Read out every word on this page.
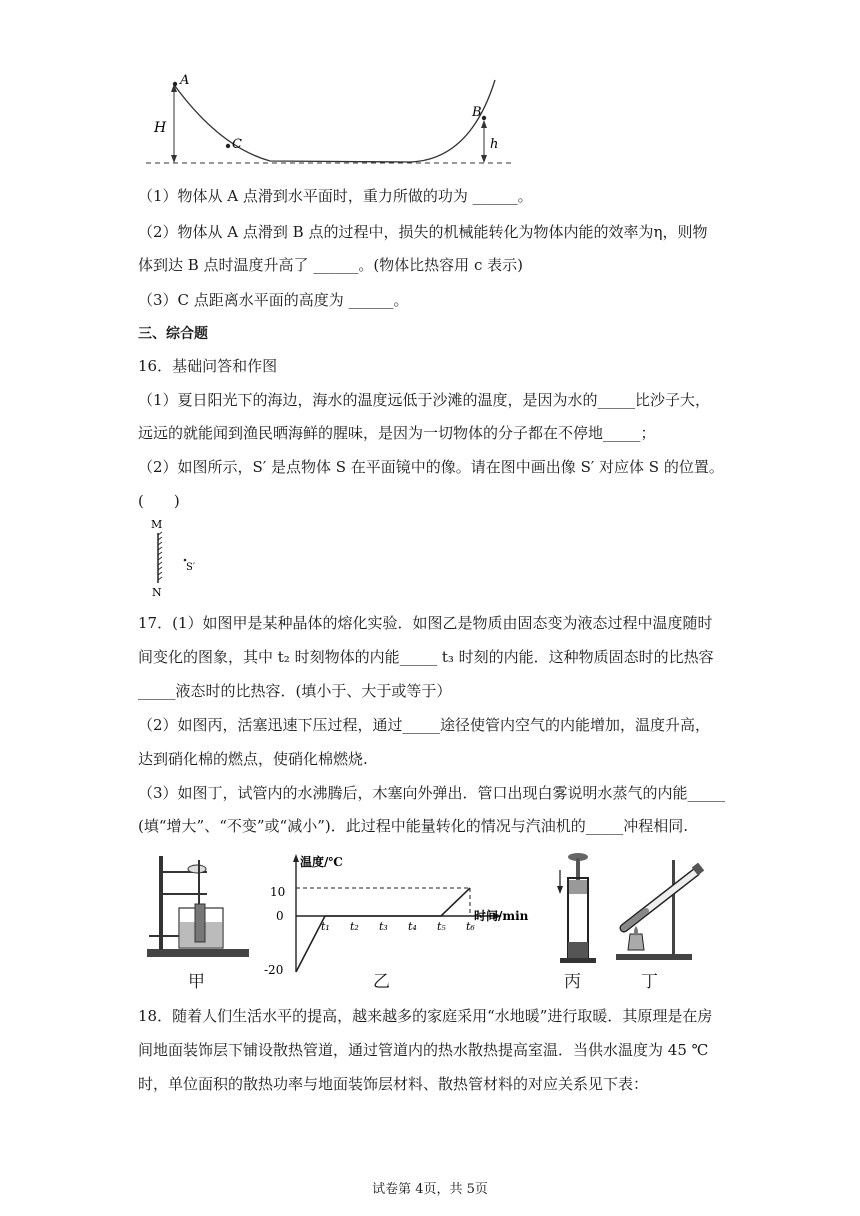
A
H
C
B
h
（1）物体从 A 点滑到水平面时，重力所做的功为 ______。
（2）物体从 A 点滑到 B 点的过程中，损失的机械能转化为物体内能的效率为η，则物
体到达 B 点时温度升高了 ______。(物体比热容用 c 表示)
（3）C 点距离水平面的高度为 ______。
三、综合题
16．基础问答和作图
（1）夏日阳光下的海边，海水的温度远低于沙滩的温度，是因为水的_____比沙子大，
远远的就能闻到渔民晒海鲜的腥味，是因为一切物体的分子都在不停地_____；
（2）如图所示，S′ 是点物体 S 在平面镜中的像。请在图中画出像 S′ 对应体 S 的位置。
(　　)
M
N
S′
17．(1）如图甲是某种晶体的熔化实验．如图乙是物质由固态变为液态过程中温度随时
间变化的图象，其中 t₂ 时刻物体的内能_____ t₃ 时刻的内能．这种物质固态时的比热容
_____液态时的比热容．(填小于、大于或等于）
（2）如图丙，活塞迅速下压过程，通过_____途径使管内空气的内能增加，温度升高，
达到硝化棉的燃点，使硝化棉燃烧.
（3）如图丁，试管内的水沸腾后，木塞向外弹出．管口出现白雾说明水蒸气的内能_____
(填“增大”、“不变”或“减小”)．此过程中能量转化的情况与汽油机的_____冲程相同.
甲
温度/℃
时间/min
10
0
-20
t₁ t₂ t₃ t₄ t₅ t₆
乙	丙	丁
18．随着人们生活水平的提高，越来越多的家庭采用“水地暖”进行取暖．其原理是在房
间地面装饰层下铺设散热管道，通过管道内的热水散热提高室温．当供水温度为 45 ℃
时，单位面积的散热功率与地面装饰层材料、散热管材料的对应关系见下表：
试卷第 4页，共 5页
